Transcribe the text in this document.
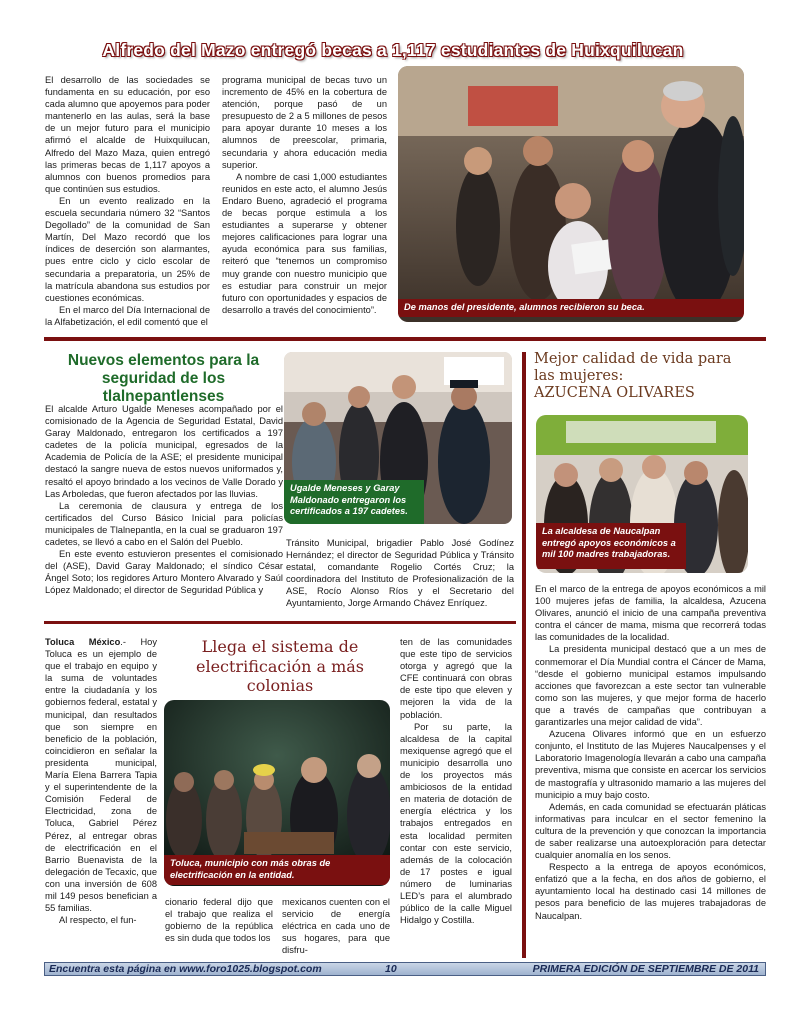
Alfredo del Mazo entregó becas a 1,117 estudiantes de Huixquilucan

El desarrollo de las sociedades se fundamenta en su educación, por eso cada alumno que apoyemos para poder mantenerlo en las aulas, será la base de un mejor futuro para el municipio afirmó el alcalde de Huixquilucan, Alfredo del Mazo Maza, quien entregó las primeras becas de 1,117 apoyos a alumnos con buenos promedios para que continúen sus estudios.

En un evento realizado en la escuela secundaria número 32 “Santos Degollado” de la comunidad de San Martín, Del Mazo recordó que los índices de deserción son alarmantes, pues entre ciclo y ciclo escolar de secundaria a preparatoria, un 25% de la matrícula abandona sus estudios por cuestiones económicas.

En el marco del Día Internacional de la Alfabetización, el edil comentó que el

programa municipal de becas tuvo un incremento de 45% en la cobertura de atención, porque pasó de un presupuesto de 2 a 5 millones de pesos para apoyar durante 10 meses a los alumnos de preescolar, primaria, secundaria y ahora educación media superior.

A nombre de casi 1,000 estudiantes reunidos en este acto, el alumno Jesús Endaro Bueno, agradeció el programa de becas porque estimula a los estudiantes a superarse y obtener mejores calificaciones para lograr una ayuda económica para sus familias, reiteró que “tenemos un compromiso muy grande con nuestro municipio que es estudiar para construir un mejor futuro con oportunidades y espacios de desarrollo a través del conocimiento”.	De manos del presidente, alumnos recibieron su beca.
Nuevos elementos para la seguridad de los tlalnepantlenses

El alcalde Arturo Ugalde Meneses acompañado por el comisionado de la Agencia de Seguridad Estatal, David Garay Maldonado, entregaron los certificados a 197 cadetes de la policía municipal, egresados de la Academia de Policía de la ASE; el presidente municipal destacó la sangre nueva de estos nuevos uniformados y, resaltó el apoyo brindado a los vecinos de Valle Dorado y Las Arboledas, que fueron afectados por las lluvias.

La ceremonia de clausura y entrega de los certificados del Curso Básico Inicial para policías municipales de Tlalnepantla, en la cual se graduaron 197 cadetes, se llevó a cabo en el Salón del Pueblo.

En este evento estuvieron presentes el comisionado del (ASE), David Garay Maldonado; el síndico César Ángel Soto; los regidores Arturo Montero Alvarado y Saúl López Maldonado; el director de Seguridad Pública y

Ugalde Meneses y Garay Maldonado entregaron los certificados a 197 cadetes.

Tránsito Municipal, brigadier Pablo José Godínez Hernández; el director de Seguridad Pública y Tránsito estatal, comandante Rogelio Cortés Cruz; la coordinadora del Instituto de Profesionalización de la ASE, Rocío Alonso Ríos y el Secretario del Ayuntamiento, Jorge Armando Chávez Enríquez.

Mejor calidad de vida para
las mujeres:
AZUCENA OLIVARES
La alcaldesa de Naucalpan entregó apoyos económicos a mil 100 madres trabajadoras.

En el marco de la entrega de apoyos económicos a mil 100 mujeres jefas de familia, la alcaldesa, Azucena Olivares, anunció el inicio de una campaña preventiva contra el cáncer de mama, misma que recorrerá todas las comunidades de la localidad.

La presidenta municipal destacó que a un mes de conmemorar el Día Mundial contra el Cáncer de Mama, “desde el gobierno municipal estamos impulsando acciones que favorezcan a este sector tan vulnerable como son las mujeres, y que mejor forma de hacerlo que a través de campañas que contribuyan a garantizarles una mejor calidad de vida”.

Azucena Olivares informó que en un esfuerzo conjunto, el Instituto de las Mujeres Naucalpenses y el Laboratorio Imagenología llevarán a cabo una campaña preventiva, misma que consiste en acercar los servicios de mastografía y ultrasonido mamario a las mujeres del municipio a muy bajo costo.

Además, en cada comunidad se efectuarán pláticas informativas para inculcar en el sector femenino la cultura de la prevención y que conozcan la importancia de saber realizarse una autoexploración para detectar cualquier anomalía en los senos.

Respecto a la entrega de apoyos económicos, enfatizó que a la fecha, en dos años de gobierno, el ayuntamiento local ha destinado casi 14 millones de pesos para beneficio de las mujeres trabajadoras de Naucalpan.

Toluca México.- Hoy Toluca es un ejemplo de que el trabajo en equipo y la suma de voluntades entre la ciudadanía y los gobiernos federal, estatal y municipal, dan resultados que son siempre en beneficio de la población, coincidieron en señalar la presidenta municipal, María Elena Barrera Tapia y el superintendente de la Comisión Federal de Electricidad, zona de Toluca, Gabriel Pérez Pérez, al entregar obras de electrificación en el Barrio Buenavista de la delegación de Tecaxic, que con una inversión de 608 mil 149 pesos benefician a 55 familias.

Al respecto, el fun-

Llega el sistema de
electrificación a más
colonias
Toluca, municipio con más obras de electrificación en la entidad.

cionario federal dijo que el trabajo que realiza el gobierno de la república es sin duda que todos los

mexicanos cuenten con el servicio de energía eléctrica en cada uno de sus hogares, para que disfru-

ten de las comunidades que este tipo de servicios otorga y agregó que la CFE continuará con obras de este tipo que eleven y mejoren la vida de la población.

Por su parte, la alcaldesa de la capital mexiquense agregó que el municipio desarrolla uno de los proyectos más ambiciosos de la entidad en materia de dotación de energía eléctrica y los trabajos entregados en esta localidad permiten contar con este servicio, además de la colocación de 17 postes e igual número de luminarias LED’s para el alumbrado público de la calle Miguel Hidalgo y Costilla.

Encuentra esta página en www.foro1025.blogspot.com	10	PRIMERA EDICIÓN DE SEPTIEMBRE DE 2011
